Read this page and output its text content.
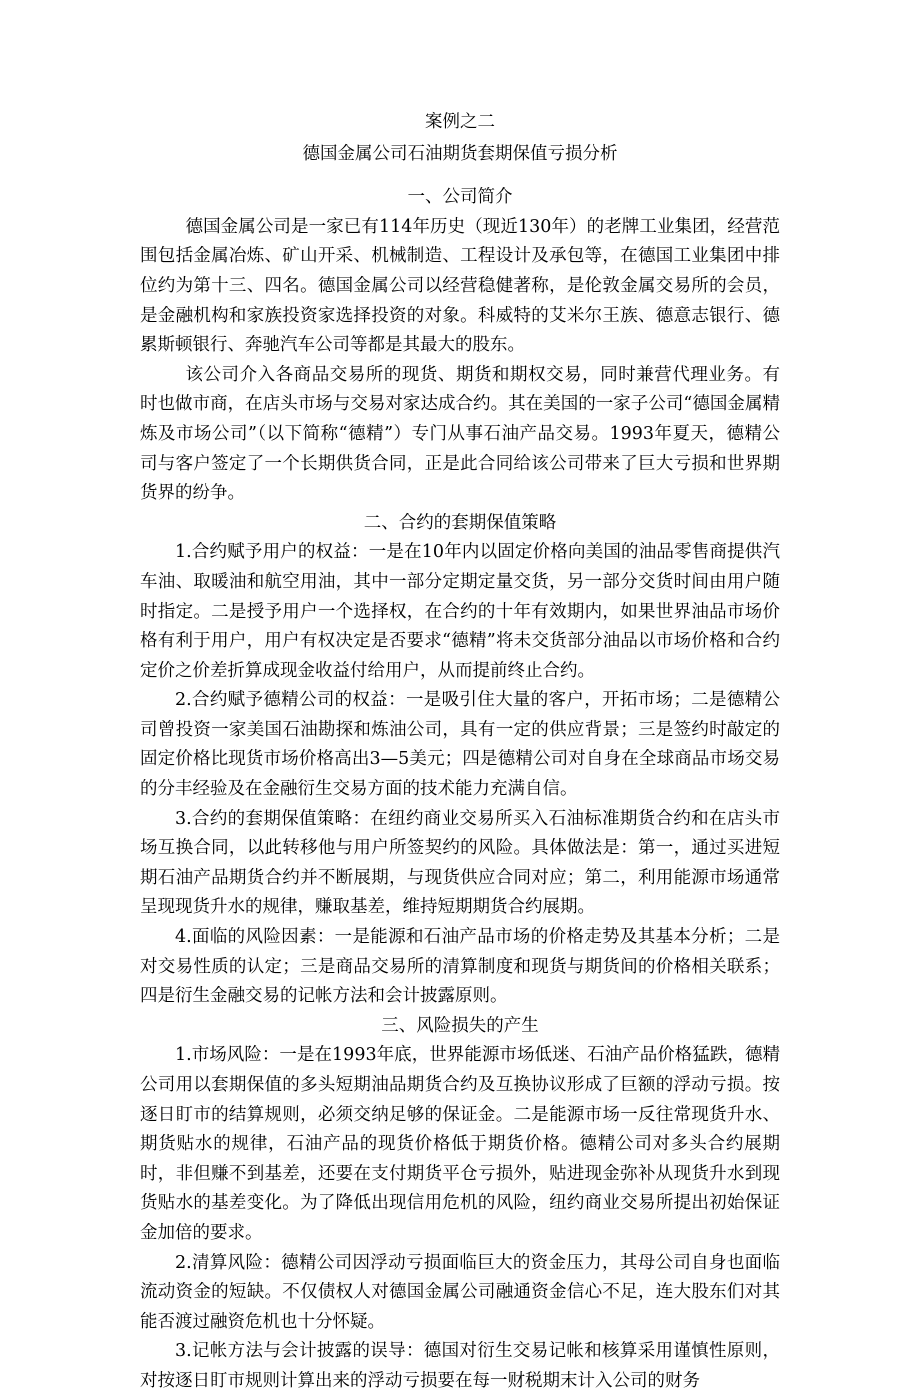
案例之二

德国金属公司石油期货套期保值亏损分析

一、公司简介

德国金属公司是一家已有114年历史（现近130年）的老牌工业集团，经营范围包括金属冶炼、矿山开采、机械制造、工程设计及承包等，在德国工业集团中排位约为第十三、四名。德国金属公司以经营稳健著称，是伦敦金属交易所的会员，是金融机构和家族投资家选择投资的对象。科威特的艾米尔王族、德意志银行、德累斯顿银行、奔驰汽车公司等都是其最大的股东。

该公司介入各商品交易所的现货、期货和期权交易，同时兼营代理业务。有时也做市商，在店头市场与交易对家达成合约。其在美国的一家子公司“德国金属精炼及市场公司”（以下简称“德精”）专门从事石油产品交易。1993年夏天，德精公司与客户签定了一个长期供货合同，正是此合同给该公司带来了巨大亏损和世界期货界的纷争。

二、合约的套期保值策略

1.合约赋予用户的权益：一是在10年内以固定价格向美国的油品零售商提供汽车油、取暖油和航空用油，其中一部分定期定量交货，另一部分交货时间由用户随时指定。二是授予用户一个选择权，在合约的十年有效期内，如果世界油品市场价格有利于用户，用户有权决定是否要求“德精”将未交货部分油品以市场价格和合约定价之价差折算成现金收益付给用户，从而提前终止合约。

2.合约赋予德精公司的权益：一是吸引住大量的客户，开拓市场；二是德精公司曾投资一家美国石油勘探和炼油公司，具有一定的供应背景；三是签约时敲定的固定价格比现货市场价格高出3—5美元；四是德精公司对自身在全球商品市场交易的分丰经验及在金融衍生交易方面的技术能力充满自信。

3.合约的套期保值策略：在纽约商业交易所买入石油标准期货合约和在店头市场互换合同，以此转移他与用户所签契约的风险。具体做法是：第一，通过买进短期石油产品期货合约并不断展期，与现货供应合同对应；第二，利用能源市场通常呈现现货升水的规律，赚取基差，维持短期期货合约展期。

4.面临的风险因素：一是能源和石油产品市场的价格走势及其基本分析；二是对交易性质的认定；三是商品交易所的清算制度和现货与期货间的价格相关联系；四是衍生金融交易的记帐方法和会计披露原则。

三、风险损失的产生

1.市场风险：一是在1993年底，世界能源市场低迷、石油产品价格猛跌，德精公司用以套期保值的多头短期油品期货合约及互换协议形成了巨额的浮动亏损。按逐日盯市的结算规则，必须交纳足够的保证金。二是能源市场一反往常现货升水、期货贴水的规律，石油产品的现货价格低于期货价格。德精公司对多头合约展期时，非但赚不到基差，还要在支付期货平仓亏损外，贴进现金弥补从现货升水到现货贴水的基差变化。为了降低出现信用危机的风险，纽约商业交易所提出初始保证金加倍的要求。

2.清算风险：德精公司因浮动亏损面临巨大的资金压力，其母公司自身也面临流动资金的短缺。不仅债权人对德国金属公司融通资金信心不足，连大股东们对其能否渡过融资危机也十分怀疑。

3.记帐方法与会计披露的误导：德国对衍生交易记帐和核算采用谨慎性原则，对按逐日盯市规则计算出来的浮动亏损要在每一财税期末计入公司的财务
